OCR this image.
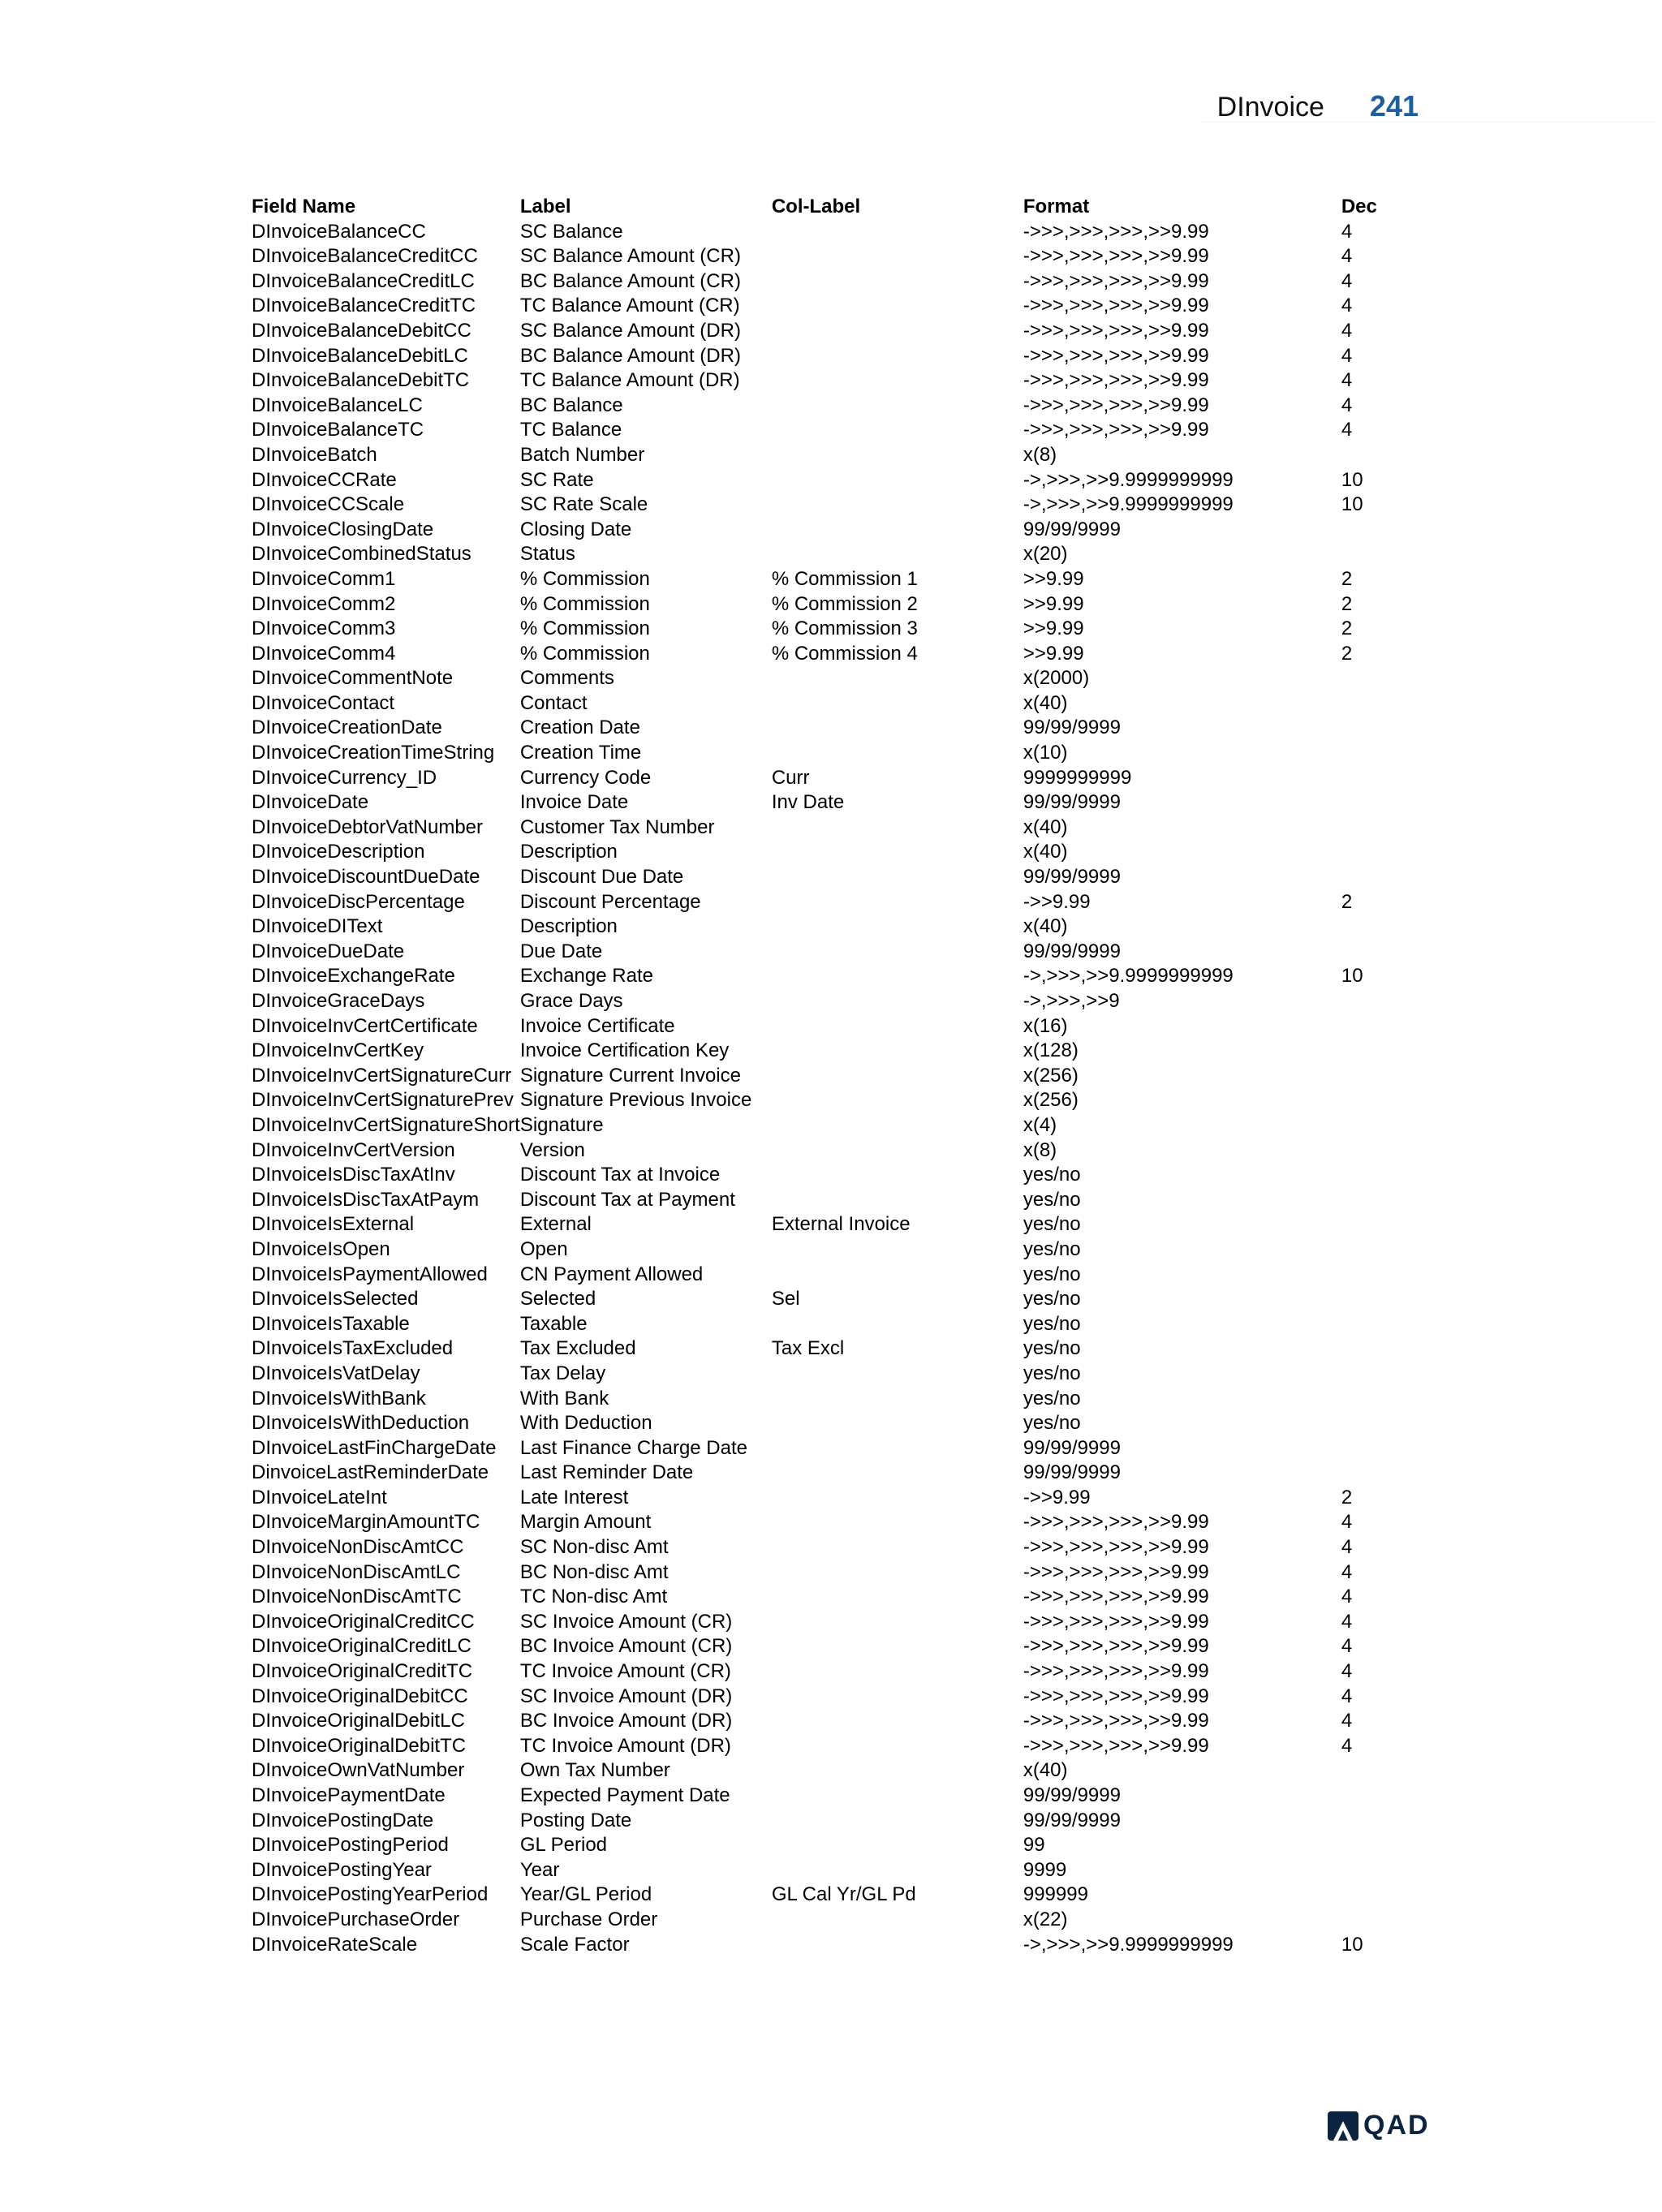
DInvoice 241
Field Name	Label	Col-Label	Format	Dec
DInvoiceBalanceCC	SC Balance		->>>,>>>,>>>,>>9.99	4
DInvoiceBalanceCreditCC	SC Balance Amount (CR)		->>>,>>>,>>>,>>9.99	4
DInvoiceBalanceCreditLC	BC Balance Amount (CR)		->>>,>>>,>>>,>>9.99	4
DInvoiceBalanceCreditTC	TC Balance Amount (CR)		->>>,>>>,>>>,>>9.99	4
DInvoiceBalanceDebitCC	SC Balance Amount (DR)		->>>,>>>,>>>,>>9.99	4
DInvoiceBalanceDebitLC	BC Balance Amount (DR)		->>>,>>>,>>>,>>9.99	4
DInvoiceBalanceDebitTC	TC Balance Amount (DR)		->>>,>>>,>>>,>>9.99	4
DInvoiceBalanceLC	BC Balance		->>>,>>>,>>>,>>9.99	4
DInvoiceBalanceTC	TC Balance		->>>,>>>,>>>,>>9.99	4
DInvoiceBatch	Batch Number		x(8)	
DInvoiceCCRate	SC Rate		->,>>>,>>9.9999999999	10
DInvoiceCCScale	SC Rate Scale		->,>>>,>>9.9999999999	10
DInvoiceClosingDate	Closing Date		99/99/9999	
DInvoiceCombinedStatus	Status		x(20)	
DInvoiceComm1	% Commission	% Commission 1	>>9.99	2
DInvoiceComm2	% Commission	% Commission 2	>>9.99	2
DInvoiceComm3	% Commission	% Commission 3	>>9.99	2
DInvoiceComm4	% Commission	% Commission 4	>>9.99	2
DInvoiceCommentNote	Comments		x(2000)	
DInvoiceContact	Contact		x(40)	
DInvoiceCreationDate	Creation Date		99/99/9999	
DInvoiceCreationTimeString	Creation Time		x(10)	
DInvoiceCurrency_ID	Currency Code	Curr	9999999999	
DInvoiceDate	Invoice Date	Inv Date	99/99/9999	
DInvoiceDebtorVatNumber	Customer Tax Number		x(40)	
DInvoiceDescription	Description		x(40)	
DInvoiceDiscountDueDate	Discount Due Date		99/99/9999	
DInvoiceDiscPercentage	Discount Percentage		->>9.99	2
DInvoiceDIText	Description		x(40)	
DInvoiceDueDate	Due Date		99/99/9999	
DInvoiceExchangeRate	Exchange Rate		->,>>>,>>9.9999999999	10
DInvoiceGraceDays	Grace Days		->,>>>,>>9	
DInvoiceInvCertCertificate	Invoice Certificate		x(16)	
DInvoiceInvCertKey	Invoice Certification Key		x(128)	
DInvoiceInvCertSignatureCurr	Signature Current Invoice		x(256)	
DInvoiceInvCertSignaturePrev	Signature Previous Invoice		x(256)	
DInvoiceInvCertSignatureShort	Signature		x(4)	
DInvoiceInvCertVersion	Version		x(8)	
DInvoiceIsDiscTaxAtInv	Discount Tax at Invoice		yes/no	
DInvoiceIsDiscTaxAtPaym	Discount Tax at Payment		yes/no	
DInvoiceIsExternal	External	External Invoice	yes/no	
DInvoiceIsOpen	Open		yes/no	
DInvoiceIsPaymentAllowed	CN Payment Allowed		yes/no	
DInvoiceIsSelected	Selected	Sel	yes/no	
DInvoiceIsTaxable	Taxable		yes/no	
DInvoiceIsTaxExcluded	Tax Excluded	Tax Excl	yes/no	
DInvoiceIsVatDelay	Tax Delay		yes/no	
DInvoiceIsWithBank	With Bank		yes/no	
DInvoiceIsWithDeduction	With Deduction		yes/no	
DInvoiceLastFinChargeDate	Last Finance Charge Date		99/99/9999	
DinvoiceLastReminderDate	Last Reminder Date		99/99/9999	
DInvoiceLateInt	Late Interest		->>9.99	2
DInvoiceMarginAmountTC	Margin Amount		->>>,>>>,>>>,>>9.99	4
DInvoiceNonDiscAmtCC	SC Non-disc Amt		->>>,>>>,>>>,>>9.99	4
DInvoiceNonDiscAmtLC	BC Non-disc Amt		->>>,>>>,>>>,>>9.99	4
DInvoiceNonDiscAmtTC	TC Non-disc Amt		->>>,>>>,>>>,>>9.99	4
DInvoiceOriginalCreditCC	SC Invoice Amount (CR)		->>>,>>>,>>>,>>9.99	4
DInvoiceOriginalCreditLC	BC Invoice Amount (CR)		->>>,>>>,>>>,>>9.99	4
DInvoiceOriginalCreditTC	TC Invoice Amount (CR)		->>>,>>>,>>>,>>9.99	4
DInvoiceOriginalDebitCC	SC Invoice Amount (DR)		->>>,>>>,>>>,>>9.99	4
DInvoiceOriginalDebitLC	BC Invoice Amount (DR)		->>>,>>>,>>>,>>9.99	4
DInvoiceOriginalDebitTC	TC Invoice Amount (DR)		->>>,>>>,>>>,>>9.99	4
DInvoiceOwnVatNumber	Own Tax Number		x(40)	
DInvoicePaymentDate	Expected Payment Date		99/99/9999	
DInvoicePostingDate	Posting Date		99/99/9999	
DInvoicePostingPeriod	GL Period		99	
DInvoicePostingYear	Year		9999	
DInvoicePostingYearPeriod	Year/GL Period	GL Cal Yr/GL Pd	999999	
DInvoicePurchaseOrder	Purchase Order		x(22)	
DInvoiceRateScale	Scale Factor		->,>>>,>>9.9999999999	10
QAD
